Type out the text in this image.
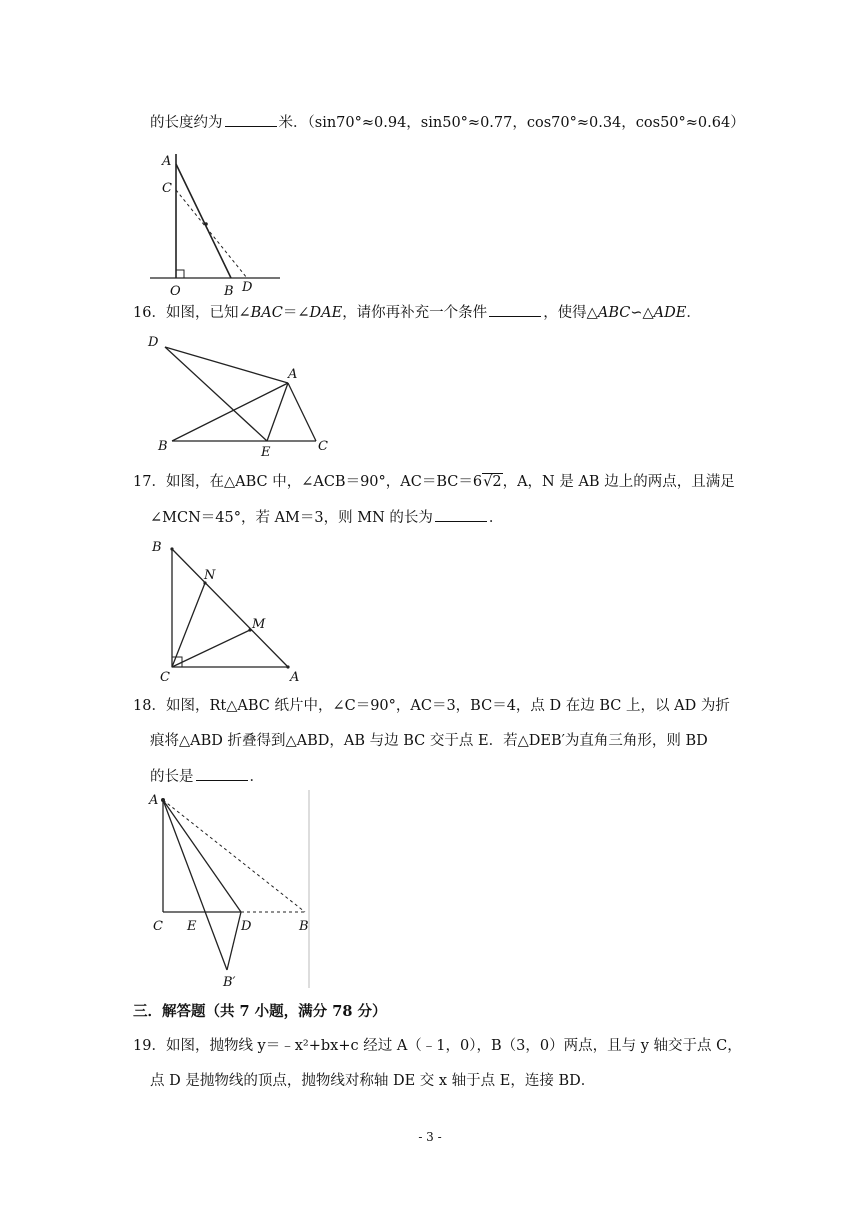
的长度约为	米．（sin70°≈0.94，sin50°≈0.77，cos70°≈0.34，cos50°≈0.64）
A
C
O	B D
16．如图，已知∠BAC＝∠DAE，请你再补充一个条件	，使得△ABC∽△ADE．
D
A
B	E	C
17．如图，在△ABC 中，∠ACB＝90°，AC＝BC＝6√2，A，N 是 AB 边上的两点，且满足
∠MCN＝45°，若 AM＝3，则 MN 的长为	．
B
N
M
C	A
18．如图，Rt△ABC 纸片中，∠C＝90°，AC＝3，BC＝4，点 D 在边 BC 上，以 AD 为折
痕将△ABD 折叠得到△ABD，AB 与边 BC 交于点 E．若△DEB′为直角三角形，则 BD
的长是	．
A
C E	D	B
B′
三．解答题（共 7 小题，满分 78 分）
19．如图，抛物线 y＝﹣x²+bx+c 经过 A（﹣1，0），B（3，0）两点，且与 y 轴交于点 C，
点 D 是抛物线的顶点，抛物线对称轴 DE 交 x 轴于点 E，连接 BD．
- 3 -
